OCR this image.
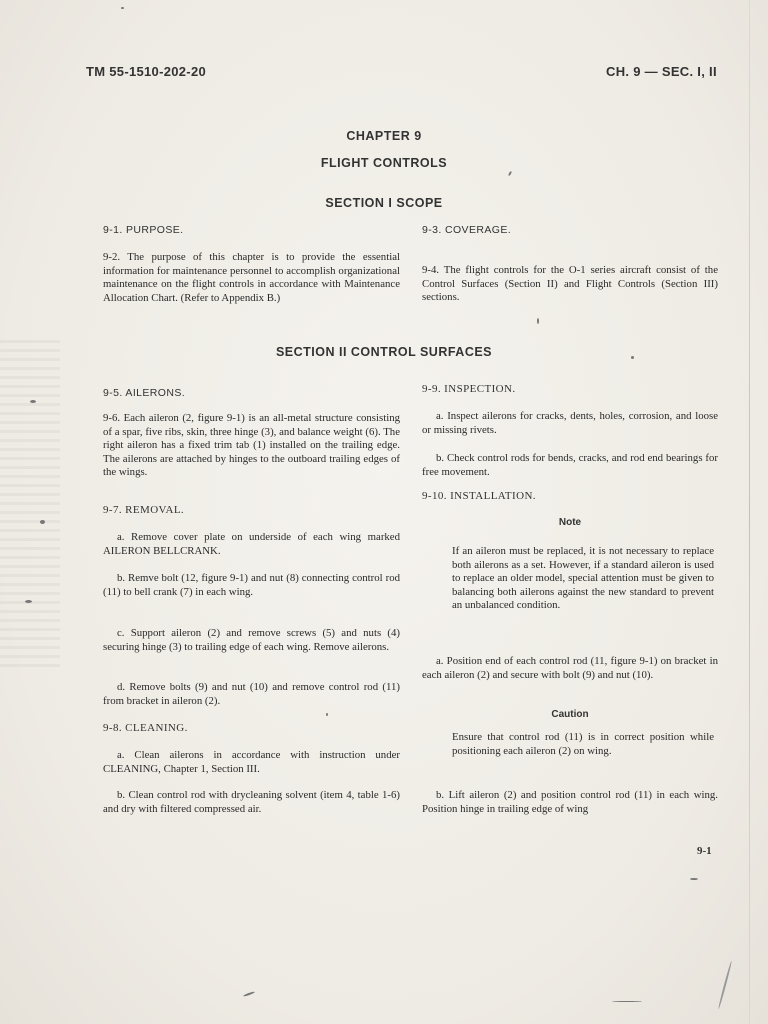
TM 55-1510-202-20	CH. 9 — SEC. I, II
CHAPTER 9
FLIGHT CONTROLS
SECTION I SCOPE
9-1. PURPOSE.
9-2. The purpose of this chapter is to provide the essential information for maintenance personnel to accomplish organizational maintenance on the flight controls in accordance with Maintenance Allocation Chart. (Refer to Appendix B.)
9-3. COVERAGE.
9-4. The flight controls for the O-1 series aircraft consist of the Control Surfaces (Section II) and Flight Controls (Section III) sections.
SECTION II CONTROL SURFACES
9-5. AILERONS.
9-6. Each aileron (2, figure 9-1) is an all-metal structure consisting of a spar, five ribs, skin, three hinge (3), and balance weight (6). The right aileron has a fixed trim tab (1) installed on the trailing edge. The ailerons are attached by hinges to the outboard trailing edges of the wings.
9-7. REMOVAL.
a. Remove cover plate on underside of each wing marked AILERON BELLCRANK.
b. Remve bolt (12, figure 9-1) and nut (8) connecting control rod (11) to bell crank (7) in each wing.
c. Support aileron (2) and remove screws (5) and nuts (4) securing hinge (3) to trailing edge of each wing. Remove ailerons.
d. Remove bolts (9) and nut (10) and remove control rod (11) from bracket in aileron (2).
9-8. CLEANING.
a. Clean ailerons in accordance with instruction under CLEANING, Chapter 1, Section III.
b. Clean control rod with drycleaning solvent (item 4, table 1-6) and dry with filtered compressed air.
9-9. INSPECTION.
a. Inspect ailerons for cracks, dents, holes, corrosion, and loose or missing rivets.
b. Check control rods for bends, cracks, and rod end bearings for free movement.
9-10. INSTALLATION.
Note
If an aileron must be replaced, it is not necessary to replace both ailerons as a set. However, if a standard aileron is used to replace an older model, special attention must be given to balancing both ailerons against the new standard to prevent an unbalanced condition.
a. Position end of each control rod (11, figure 9-1) on bracket in each aileron (2) and secure with bolt (9) and nut (10).
Caution
Ensure that control rod (11) is in correct position while positioning each aileron (2) on wing.
b. Lift aileron (2) and position control rod (11) in each wing. Position hinge in trailing edge of wing
9-1
